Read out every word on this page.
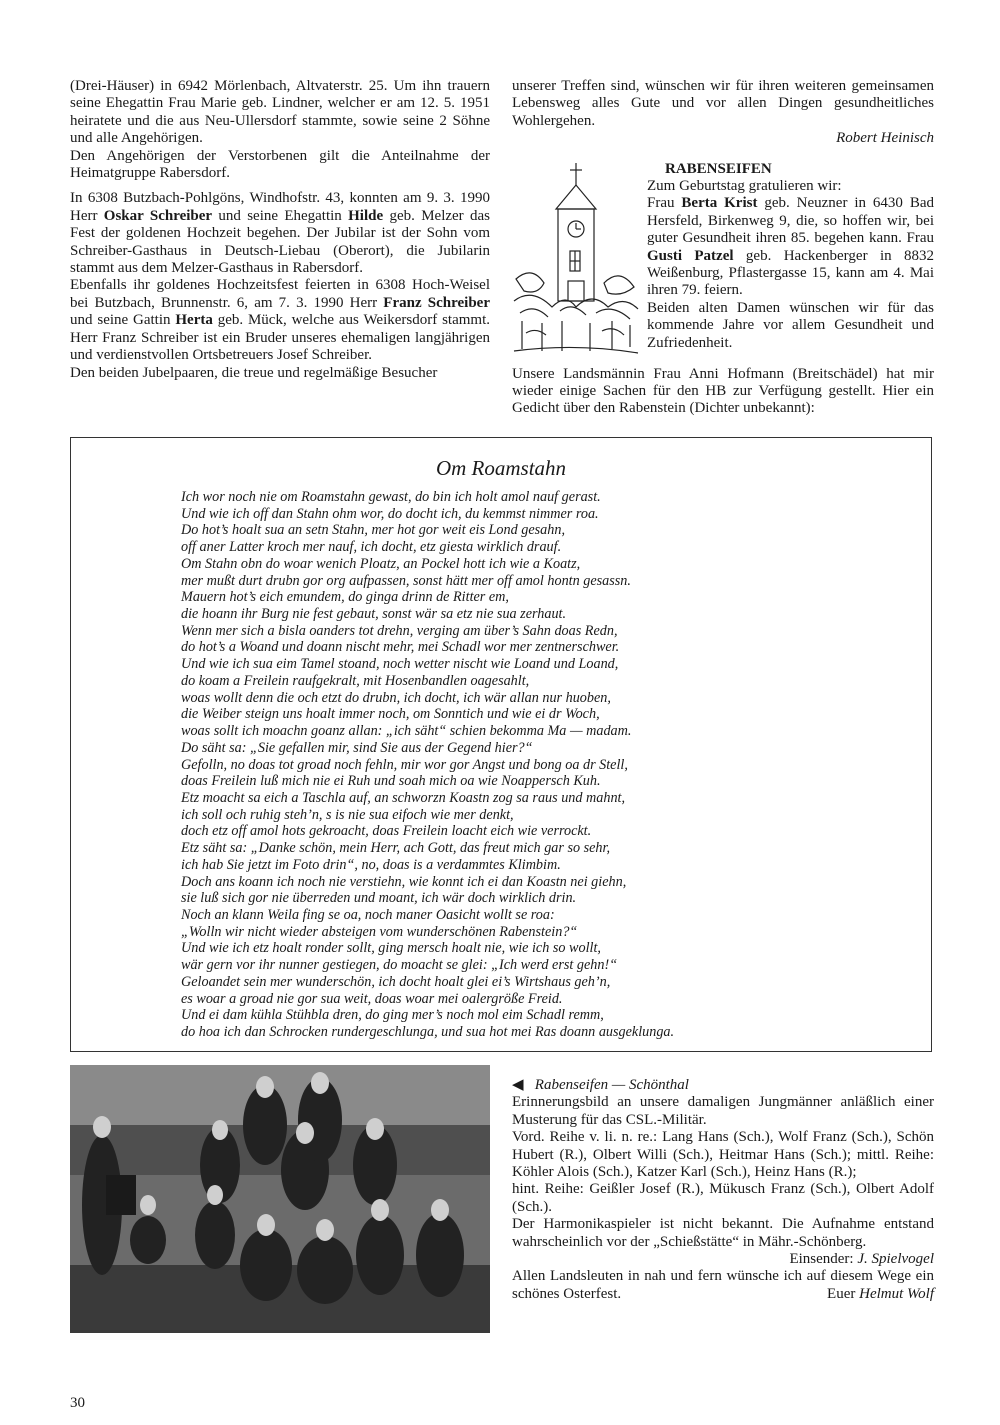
(Drei-Häuser) in 6942 Mörlenbach, Altvaterstr. 25. Um ihn trauern seine Ehegattin Frau Marie geb. Lindner, welcher er am 12. 5. 1951 heiratete und die aus Neu-Ullersdorf stammte, sowie seine 2 Söhne und alle Angehörigen.

Den Angehörigen der Verstorbenen gilt die Anteilnahme der Heimatgruppe Rabersdorf.

In 6308 Butzbach-Pohlgöns, Windhofstr. 43, konnten am 9. 3. 1990 Herr Oskar Schreiber und seine Ehegattin Hilde geb. Melzer das Fest der goldenen Hochzeit begehen. Der Jubilar ist der Sohn vom Schreiber-Gasthaus in Deutsch-Liebau (Oberort), die Jubilarin stammt aus dem Melzer-Gasthaus in Rabersdorf.

Ebenfalls ihr goldenes Hochzeitsfest feierten in 6308 Hoch-Weisel bei Butzbach, Brunnenstr. 6, am 7. 3. 1990 Herr Franz Schreiber und seine Gattin Herta geb. Mück, welche aus Weikersdorf stammt. Herr Franz Schreiber ist ein Bruder unseres ehemaligen langjährigen und verdienstvollen Ortsbetreuers Josef Schreiber.

Den beiden Jubelpaaren, die treue und regelmäßige Besucher

unserer Treffen sind, wünschen wir für ihren weiteren gemeinsamen Lebensweg alles Gute und vor allen Dingen gesundheitliches Wohlergehen.

Robert Heinisch

RABENSEIFEN

Zum Geburtstag gratulieren wir:

Frau Berta Krist geb. Neuzner in 6430 Bad Hersfeld, Birkenweg 9, die, so hoffen wir, bei guter Gesundheit ihren 85. begehen kann. Frau Gusti Patzel geb. Hackenberger in 8832 Weißenburg, Pflastergasse 15, kann am 4. Mai ihren 79. feiern.

Beiden alten Damen wünschen wir für das kommende Jahre vor allem Gesundheit und Zufriedenheit.

Unsere Landsmännin Frau Anni Hofmann (Breitschädel) hat mir wieder einige Sachen für den HB zur Verfügung gestellt. Hier ein Gedicht über den Rabenstein (Dichter unbekannt):

Om Roamstahn
Ich wor noch nie om Roamstahn gewast, do bin ich holt amol nauf gerast.
Und wie ich off dan Stahn ohm wor, do docht ich, du kemmst nimmer roa.
Do hot’s hoalt sua an setn Stahn, mer hot gor weit eis Lond gesahn,
off aner Latter kroch mer nauf, ich docht, etz giesta wirklich drauf.
Om Stahn obn do woar wenich Ploatz, an Pockel hott ich wie a Koatz,
mer mußt durt drubn gor org aufpassen, sonst hätt mer off amol hontn gesassn.
Mauern hot’s eich emundem, do ginga drinn de Ritter em,
die hoann ihr Burg nie fest gebaut, sonst wär sa etz nie sua zerhaut.
Wenn mer sich a bisla oanders tot drehn, verging am über’s Sahn doas Redn,
do hot’s a Woand und doann nischt mehr, mei Schadl wor mer zentnerschwer.
Und wie ich sua eim Tamel stoand, noch wetter nischt wie Loand und Loand,
do koam a Freilein raufgekralt, mit Hosenbandlen oagesahlt,
woas wollt denn die och etzt do drubn, ich docht, ich wär allan nur huoben,
die Weiber steign uns hoalt immer noch, om Sonntich und wie ei dr Woch,
woas sollt ich moachn goanz allan: „ich säht“ schien bekomma Ma — madam.
Do säht sa: „Sie gefallen mir, sind Sie aus der Gegend hier?“
Gefolln, no doas tot groad noch fehln, mir wor gor Angst und bong oa dr Stell,
doas Freilein luß mich nie ei Ruh und soah mich oa wie Noappersch Kuh.
Etz moacht sa eich a Taschla auf, an schworzn Koastn zog sa raus und mahnt,
ich soll och ruhig steh’n, s is nie sua eifoch wie mer denkt,
doch etz off amol hots gekroacht, doas Freilein loacht eich wie verrockt.
Etz säht sa: „Danke schön, mein Herr, ach Gott, das freut mich gar so sehr,
ich hab Sie jetzt im Foto drin“, no, doas is a verdammtes Klimbim.
Doch ans koann ich noch nie verstiehn, wie konnt ich ei dan Koastn nei giehn,
sie luß sich gor nie überreden und moant, ich wär doch wirklich drin.
Noch an klann Weila fing se oa, noch maner Oasicht wollt se roa:
„Wolln wir nicht wieder absteigen vom wunderschönen Rabenstein?“
Und wie ich etz hoalt ronder sollt, ging mersch hoalt nie, wie ich so wollt,
wär gern vor ihr nunner gestiegen, do moacht se glei: „Ich werd erst gehn!“
Geloandet sein mer wunderschön, ich docht hoalt glei ei’s Wirtshaus geh’n,
es woar a groad nie gor sua weit, doas woar mei oalergröße Freid.
Und ei dam kühla Stühbla dren, do ging mer’s noch mol eim Schadl remm,
do hoa ich dan Schrocken rundergeschlunga, und sua hot mei Ras doann ausgeklunga.

◀ Rabenseifen — Schönthal

Erinnerungsbild an unsere damaligen Jungmänner anläßlich einer Musterung für das CSL.-Militär.

Vord. Reihe v. li. n. re.: Lang Hans (Sch.), Wolf Franz (Sch.), Schön Hubert (R.), Olbert Willi (Sch.), Heitmar Hans (Sch.); mittl. Reihe: Köhler Alois (Sch.), Katzer Karl (Sch.), Heinz Hans (R.);

hint. Reihe: Geißler Josef (R.), Mükusch Franz (Sch.), Olbert Adolf (Sch.).

Der Harmonikaspieler ist nicht bekannt. Die Aufnahme entstand wahrscheinlich vor der „Schießstätte“ in Mähr.-Schönberg.

Einsender: J. Spielvogel

Allen Landsleuten in nah und fern wünsche ich auf diesem Wege ein schönes Osterfest.	Euer Helmut Wolf
30
